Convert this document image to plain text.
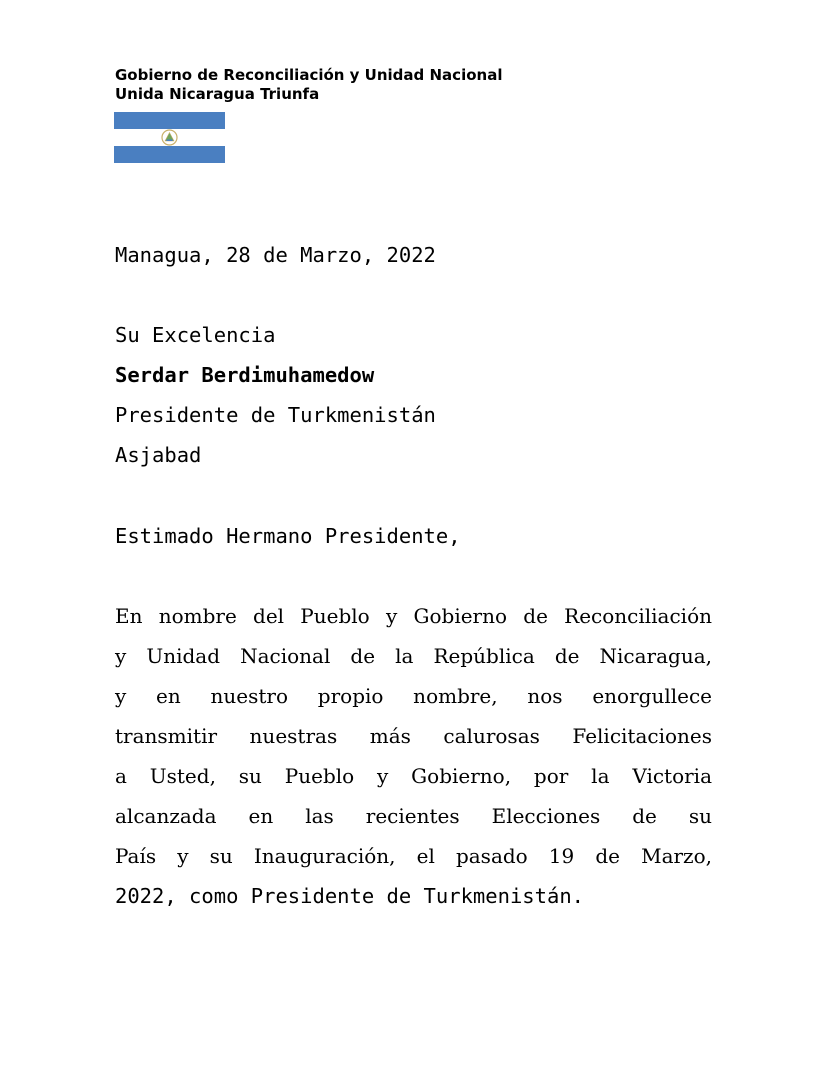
Gobierno de Reconciliación y Unidad Nacional
Unida Nicaragua Triunfa
Managua, 28 de Marzo, 2022
Su Excelencia
Serdar Berdimuhamedow
Presidente de Turkmenistán
Asjabad
Estimado Hermano Presidente,
En nombre del Pueblo y Gobierno de Reconciliación
y Unidad Nacional de la República de Nicaragua,
y en nuestro propio nombre, nos enorgullece
transmitir nuestras más calurosas Felicitaciones
a Usted, su Pueblo y Gobierno, por la Victoria
alcanzada en las recientes Elecciones de su
País y su Inauguración, el pasado 19 de Marzo,
2022, como Presidente de Turkmenistán.
